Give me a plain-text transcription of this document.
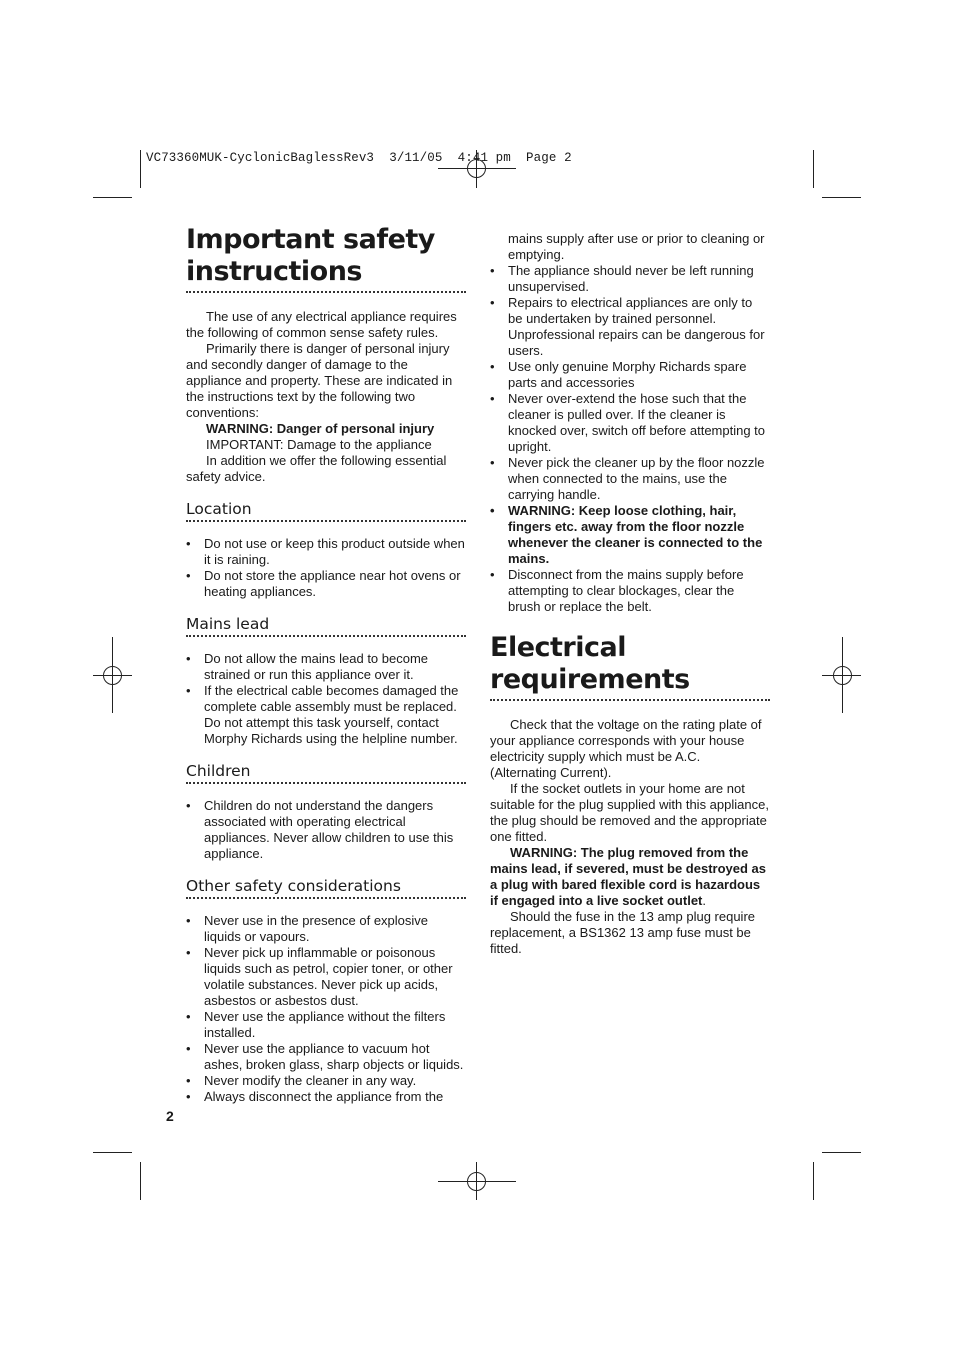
VC73360MUK-CyclonicBaglessRev3  3/11/05  4:41 pm  Page 2
Important safety
instructions

The use of any electrical appliance requires the following of common sense safety rules.

Primarily there is danger of personal injury and secondly danger of damage to the appliance and property. These are indicated in the instructions text by the following two conventions:

WARNING: Danger of personal injury

IMPORTANT: Damage to the appliance

In addition we offer the following essential safety advice.

Location
• Do not use or keep this product outside when it is raining.
• Do not store the appliance near hot ovens or heating appliances.
Mains lead
• Do not allow the mains lead to become strained or run this appliance over it.
• If the electrical cable becomes damaged the complete cable assembly must be replaced. Do not attempt this task yourself, contact Morphy Richards using the helpline number.
Children
• Children do not understand the dangers associated with operating electrical appliances. Never allow children to use this appliance.
Other safety considerations
• Never use in the presence of explosive liquids or vapours.
• Never pick up inflammable or poisonous liquids such as petrol, copier toner, or other volatile substances. Never pick up acids, asbestos or asbestos dust.
• Never use the appliance without the filters installed.
• Never use the appliance to vacuum hot ashes, broken glass, sharp objects or liquids.
• Never modify the cleaner in any way.
• Always disconnect the appliance from the
2

mains supply after use or prior to cleaning or emptying.

• The appliance should never be left running unsupervised.
• Repairs to electrical appliances are only to be undertaken by trained personnel. Unprofessional repairs can be dangerous for users.
• Use only genuine Morphy Richards spare parts and accessories
• Never over-extend the hose such that the cleaner is pulled over. If the cleaner is knocked over, switch off before attempting to upright.
• Never pick the cleaner up by the floor nozzle when connected to the mains, use the carrying handle.
• WARNING: Keep loose clothing, hair, fingers etc. away from the floor nozzle whenever the cleaner is connected to the mains.
• Disconnect from the mains supply before attempting to clear blockages, clear the brush or replace the belt.
Electrical
requirements

Check that the voltage on the rating plate of your appliance corresponds with your house electricity supply which must be A.C. (Alternating Current).

If the socket outlets in your home are not suitable for the plug supplied with this appliance, the plug should be removed and the appropriate one fitted.

WARNING: The plug removed from the mains lead, if severed, must be destroyed as a plug with bared flexible cord is hazardous if engaged into a live socket outlet.

Should the fuse in the 13 amp plug require replacement, a BS1362 13 amp fuse must be fitted.
